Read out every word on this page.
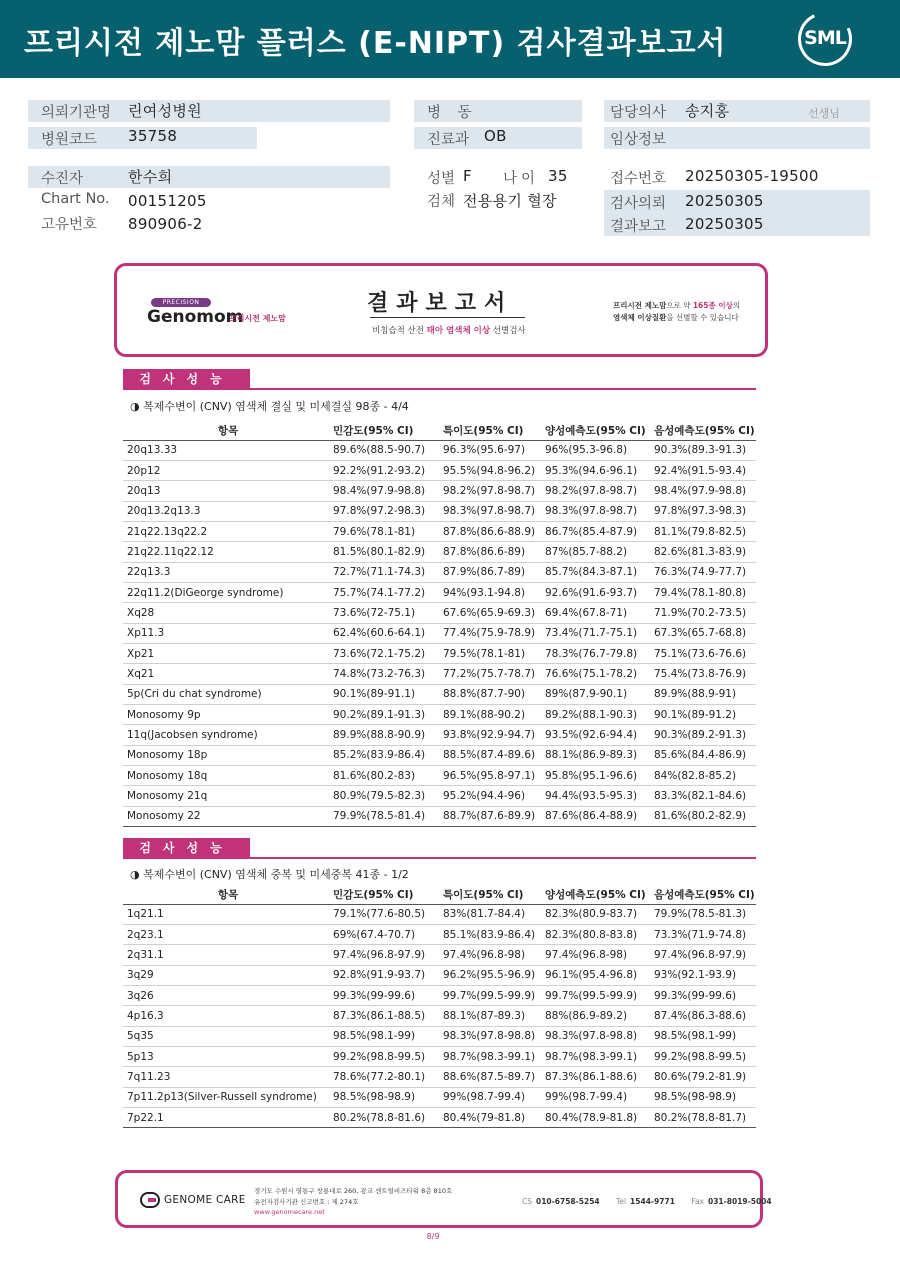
프리시전 제노맘 플러스 (E-NIPT) 검사결과보고서	SML
의뢰기관명 린여성병원
병원코드 35758
병 동
진료과 OB
담당의사 송지홍	선생님
임상정보
수진자	한수희
Chart No. 00151205
고유번호 890906-2
성별 F 나이 35
검체 전용용기 혈장
접수번호 20250305-19500
검사의뢰 20250305
결과보고 20250305
PRECISION
Genomom
프리시전 제노맘
결과보고서
비침습적 산전 태아 염색체 이상 선별검사
프리시전 제노맘으로 약 165종 이상의
염색체 이상질환을 선별할 수 있습니다
검사성능
◑ 복제수변이 (CNV) 염색체 결실 및 미세결실 98종 - 4/4
항목	민감도(95% CI)	특이도(95% CI)	양성예측도(95% CI)	음성예측도(95% CI)
20q13.33	89.6%(88.5-90.7)	96.3%(95.6-97)	96%(95.3-96.8)	90.3%(89.3-91.3)
20p12	92.2%(91.2-93.2)	95.5%(94.8-96.2)	95.3%(94.6-96.1)	92.4%(91.5-93.4)
20q13	98.4%(97.9-98.8)	98.2%(97.8-98.7)	98.2%(97.8-98.7)	98.4%(97.9-98.8)
20q13.2q13.3	97.8%(97.2-98.3)	98.3%(97.8-98.7)	98.3%(97.8-98.7)	97.8%(97.3-98.3)
21q22.13q22.2	79.6%(78.1-81)	87.8%(86.6-88.9)	86.7%(85.4-87.9)	81.1%(79.8-82.5)
21q22.11q22.12	81.5%(80.1-82.9)	87.8%(86.6-89)	87%(85.7-88.2)	82.6%(81.3-83.9)
22q13.3	72.7%(71.1-74.3)	87.9%(86.7-89)	85.7%(84.3-87.1)	76.3%(74.9-77.7)
22q11.2(DiGeorge syndrome)	75.7%(74.1-77.2)	94%(93.1-94.8)	92.6%(91.6-93.7)	79.4%(78.1-80.8)
Xq28	73.6%(72-75.1)	67.6%(65.9-69.3)	69.4%(67.8-71)	71.9%(70.2-73.5)
Xp11.3	62.4%(60.6-64.1)	77.4%(75.9-78.9)	73.4%(71.7-75.1)	67.3%(65.7-68.8)
Xp21	73.6%(72.1-75.2)	79.5%(78.1-81)	78.3%(76.7-79.8)	75.1%(73.6-76.6)
Xq21	74.8%(73.2-76.3)	77.2%(75.7-78.7)	76.6%(75.1-78.2)	75.4%(73.8-76.9)
5p(Cri du chat syndrome)	90.1%(89-91.1)	88.8%(87.7-90)	89%(87.9-90.1)	89.9%(88.9-91)
Monosomy 9p	90.2%(89.1-91.3)	89.1%(88-90.2)	89.2%(88.1-90.3)	90.1%(89-91.2)
11q(Jacobsen syndrome)	89.9%(88.8-90.9)	93.8%(92.9-94.7)	93.5%(92.6-94.4)	90.3%(89.2-91.3)
Monosomy 18p	85.2%(83.9-86.4)	88.5%(87.4-89.6)	88.1%(86.9-89.3)	85.6%(84.4-86.9)
Monosomy 18q	81.6%(80.2-83)	96.5%(95.8-97.1)	95.8%(95.1-96.6)	84%(82.8-85.2)
Monosomy 21q	80.9%(79.5-82.3)	95.2%(94.4-96)	94.4%(93.5-95.3)	83.3%(82.1-84.6)
Monosomy 22	79.9%(78.5-81.4)	88.7%(87.6-89.9)	87.6%(86.4-88.9)	81.6%(80.2-82.9)
검사성능
◑ 복제수변이 (CNV) 염색체 중복 및 미세중복 41종 - 1/2
항목	민감도(95% CI)	특이도(95% CI)	양성예측도(95% CI)	음성예측도(95% CI)
1q21.1	79.1%(77.6-80.5)	83%(81.7-84.4)	82.3%(80.9-83.7)	79.9%(78.5-81.3)
2q23.1	69%(67.4-70.7)	85.1%(83.9-86.4)	82.3%(80.8-83.8)	73.3%(71.9-74.8)
2q31.1	97.4%(96.8-97.9)	97.4%(96.8-98)	97.4%(96.8-98)	97.4%(96.8-97.9)
3q29	92.8%(91.9-93.7)	96.2%(95.5-96.9)	96.1%(95.4-96.8)	93%(92.1-93.9)
3q26	99.3%(99-99.6)	99.7%(99.5-99.9)	99.7%(99.5-99.9)	99.3%(99-99.6)
4p16.3	87.3%(86.1-88.5)	88.1%(87-89.3)	88%(86.9-89.2)	87.4%(86.3-88.6)
5q35	98.5%(98.1-99)	98.3%(97.8-98.8)	98.3%(97.8-98.8)	98.5%(98.1-99)
5p13	99.2%(98.8-99.5)	98.7%(98.3-99.1)	98.7%(98.3-99.1)	99.2%(98.8-99.5)
7q11.23	78.6%(77.2-80.1)	88.6%(87.5-89.7)	87.3%(86.1-88.6)	80.6%(79.2-81.9)
7p11.2p13(Silver-Russell syndrome)	98.5%(98-98.9)	99%(98.7-99.4)	99%(98.7-99.4)	98.5%(98-98.9)
7p22.1	80.2%(78.8-81.6)	80.4%(79-81.8)	80.4%(78.9-81.8)	80.2%(78.8-81.7)
GENOME CARE
경기도 수원시 영통구 창룡대로 260, 광교 센트럴비즈타워 8층 810호
유전자검사기관 신고번호 : 제 274호
www.genomecare.net
CS 010-6758-5254 Tel 1544-9771 Fax 031-8019-5004
8/9
